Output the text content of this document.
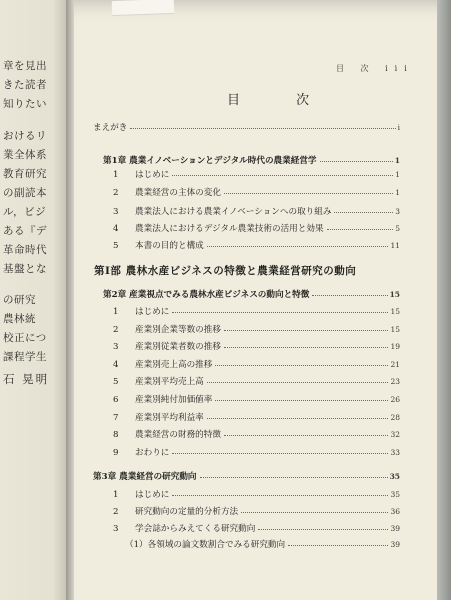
章を見出
きた読者
知りたい
おけるリ
業全体系
教育研究
の副読本
ル，ビジ
ある『デ
革命時代
基盤とな
の研究
農林統
校正につ
課程学生
石 晃明
目 次 iii
目 次
まえがき	i
第1章 農業イノベーションとデジタル時代の農業経営学	1
1	はじめに	1
2	農業経営の主体の変化	1
3	農業法人における農業イノベーションへの取り組み	3
4	農業法人におけるデジタル農業技術の活用と効果	5
5	本書の目的と構成	11
第Ⅰ部 農林水産ビジネスの特徴と農業経営研究の動向
第2章 産業視点でみる農林水産ビジネスの動向と特徴	15
1	はじめに	15
2	産業別企業等数の推移	15
3	産業別従業者数の推移	19
4	産業別売上高の推移	21
5	産業別平均売上高	23
6	産業別純付加価値率	26
7	産業別平均利益率	28
8	農業経営の財務的特徴	32
9	おわりに	33
第3章 農業経営の研究動向	35
1	はじめに	35
2	研究動向の定量的分析方法	36
3	学会誌からみえてくる研究動向	39
（1）各領域の論文数割合でみる研究動向	39
